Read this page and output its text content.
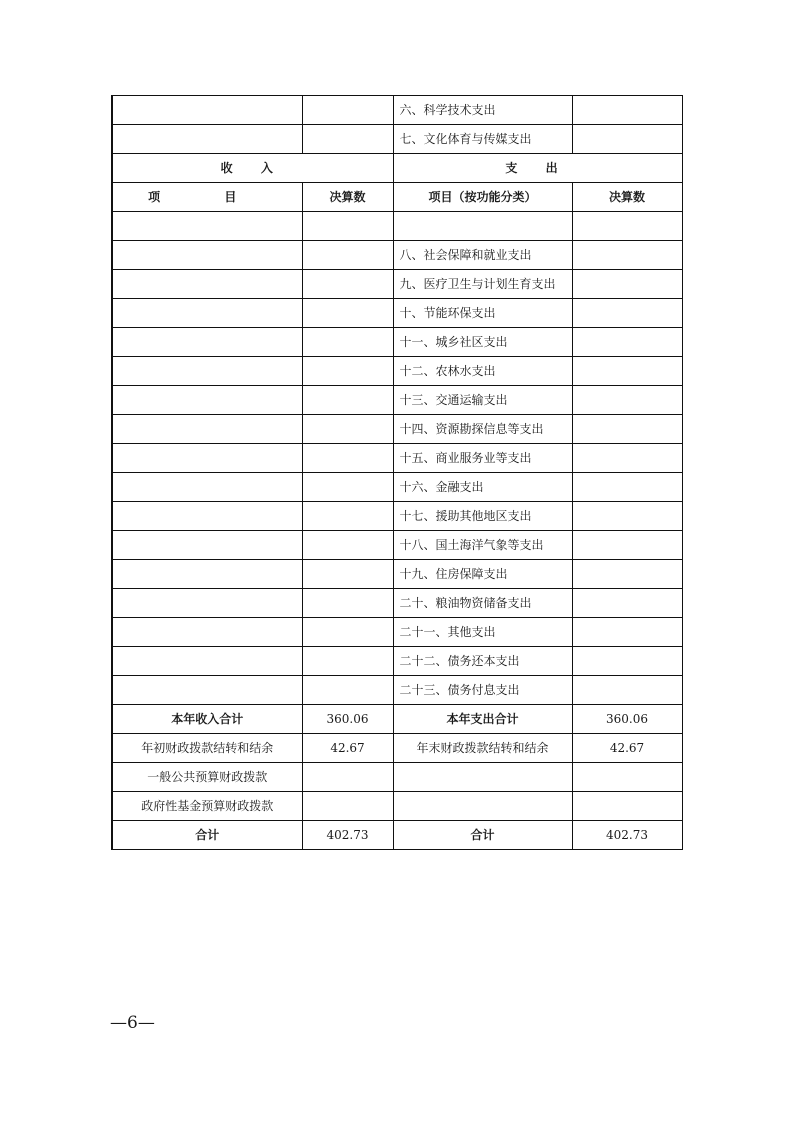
		六、科学技术支出	
		七、文化体育与传媒支出	
收 入		支 出	
项 目	决算数	项目（按功能分类）	决算数

		八、社会保障和就业支出	
		九、医疗卫生与计划生育支出	
		十、节能环保支出	
		十一、城乡社区支出	
		十二、农林水支出	
		十三、交通运输支出	
		十四、资源勘探信息等支出	
		十五、商业服务业等支出	
		十六、金融支出	
		十七、援助其他地区支出	
		十八、国土海洋气象等支出	
		十九、住房保障支出	
		二十、粮油物资储备支出	
		二十一、其他支出	
		二十二、债务还本支出	
		二十三、债务付息支出	
本年收入合计	360.06	本年支出合计	360.06
年初财政拨款结转和结余	42.67	年末财政拨款结转和结余	42.67
一般公共预算财政拨款			
政府性基金预算财政拨款			
合计	402.73	合计	402.73
—6—
